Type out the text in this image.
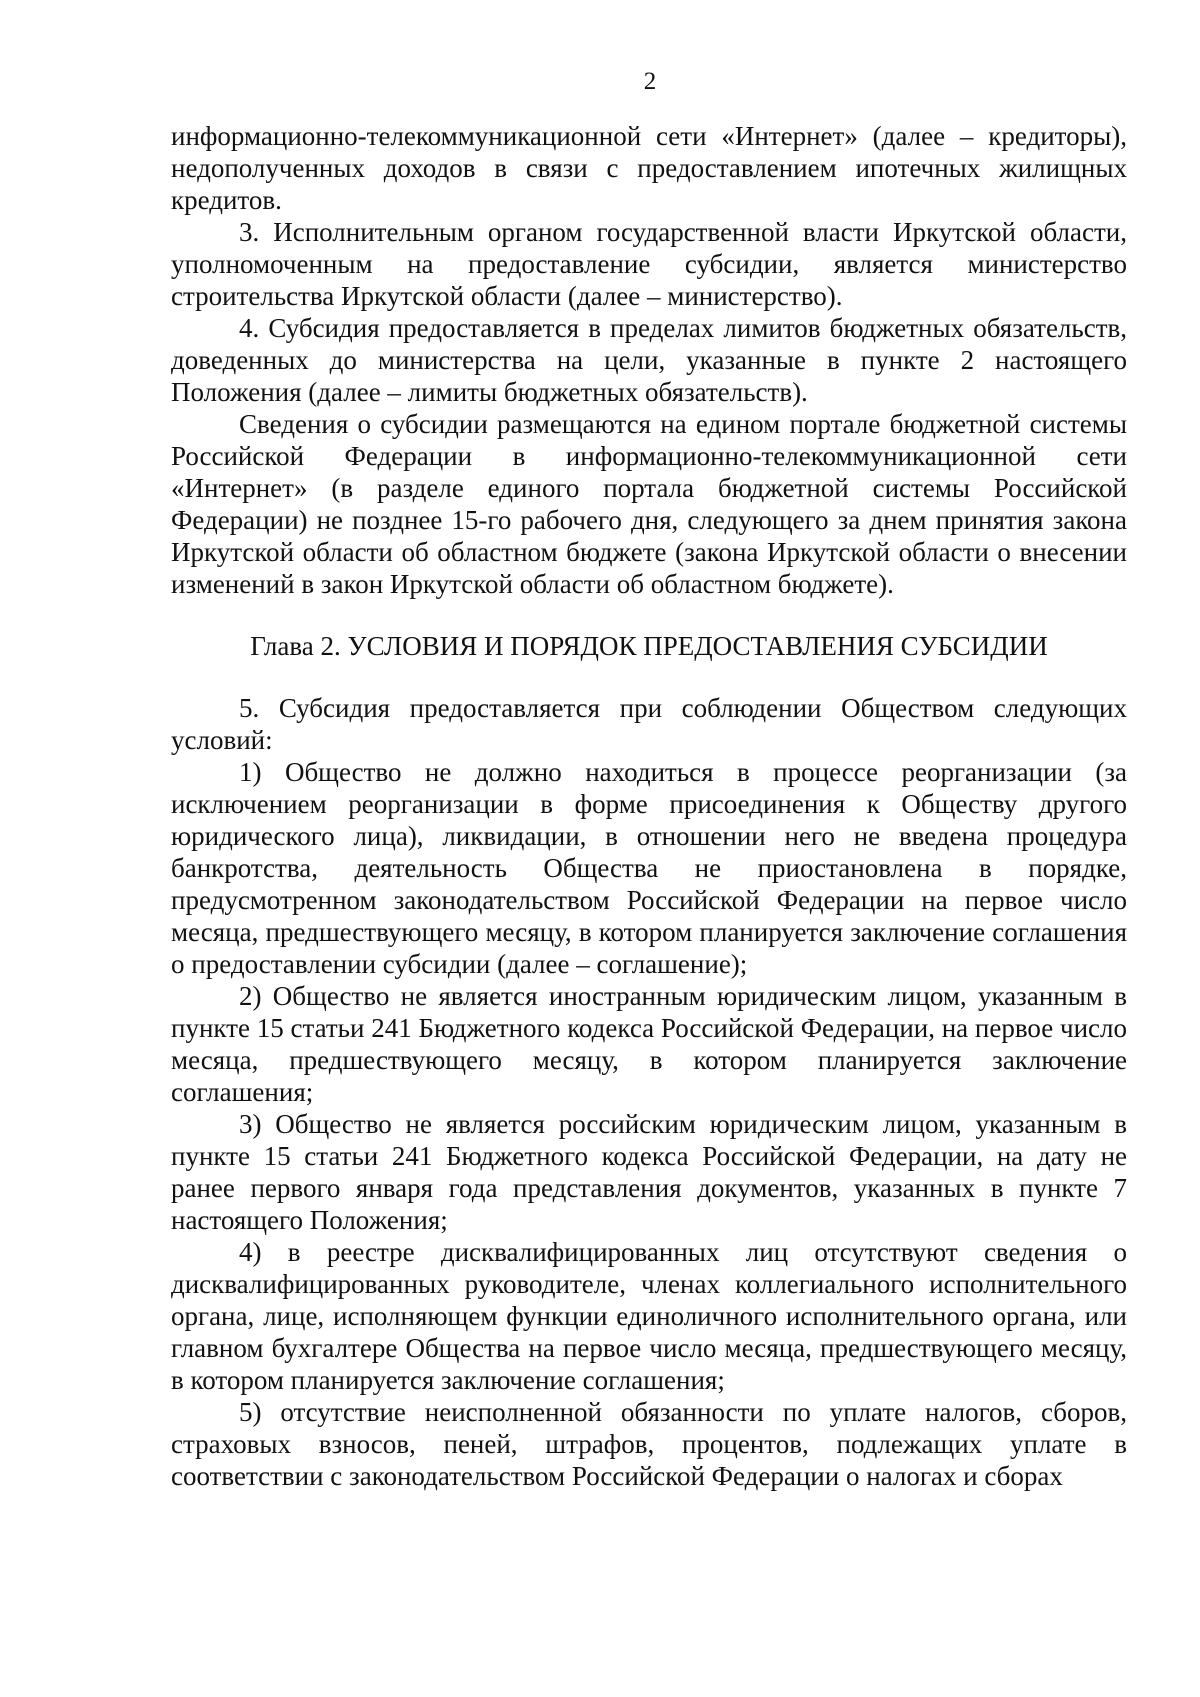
2

информационно-телекоммуникационной сети «Интернет» (далее – кредиторы), недополученных доходов в связи с предоставлением ипотечных жилищных кредитов.

3. Исполнительным органом государственной власти Иркутской области, уполномоченным на предоставление субсидии, является министерство строительства Иркутской области (далее – министерство).

4. Субсидия предоставляется в пределах лимитов бюджетных обязательств, доведенных до министерства на цели, указанные в пункте 2 настоящего Положения (далее – лимиты бюджетных обязательств).

Сведения о субсидии размещаются на едином портале бюджетной системы Российской Федерации в информационно-телекоммуникационной сети «Интернет» (в разделе единого портала бюджетной системы Российской Федерации) не позднее 15-го рабочего дня, следующего за днем принятия закона Иркутской области об областном бюджете (закона Иркутской области о внесении изменений в закон Иркутской области об областном бюджете).

Глава 2. УСЛОВИЯ И ПОРЯДОК ПРЕДОСТАВЛЕНИЯ СУБСИДИИ

5. Субсидия предоставляется при соблюдении Обществом следующих условий:

1) Общество не должно находиться в процессе реорганизации (за исключением реорганизации в форме присоединения к Обществу другого юридического лица), ликвидации, в отношении него не введена процедура банкротства, деятельность Общества не приостановлена в порядке, предусмотренном законодательством Российской Федерации на первое число месяца, предшествующего месяцу, в котором планируется заключение соглашения о предоставлении субсидии (далее – соглашение);

2) Общество не является иностранным юридическим лицом, указанным в пункте 15 статьи 241 Бюджетного кодекса Российской Федерации, на первое число месяца, предшествующего месяцу, в котором планируется заключение соглашения;

3) Общество не является российским юридическим лицом, указанным в пункте 15 статьи 241 Бюджетного кодекса Российской Федерации, на дату не ранее первого января года представления документов, указанных в пункте 7 настоящего Положения;

4) в реестре дисквалифицированных лиц отсутствуют сведения о дисквалифицированных руководителе, членах коллегиального исполнительного органа, лице, исполняющем функции единоличного исполнительного органа, или главном бухгалтере Общества на первое число месяца, предшествующего месяцу, в котором планируется заключение соглашения;

5) отсутствие неисполненной обязанности по уплате налогов, сборов, страховых взносов, пеней, штрафов, процентов, подлежащих уплате в соответствии с законодательством Российской Федерации о налогах и сборах
